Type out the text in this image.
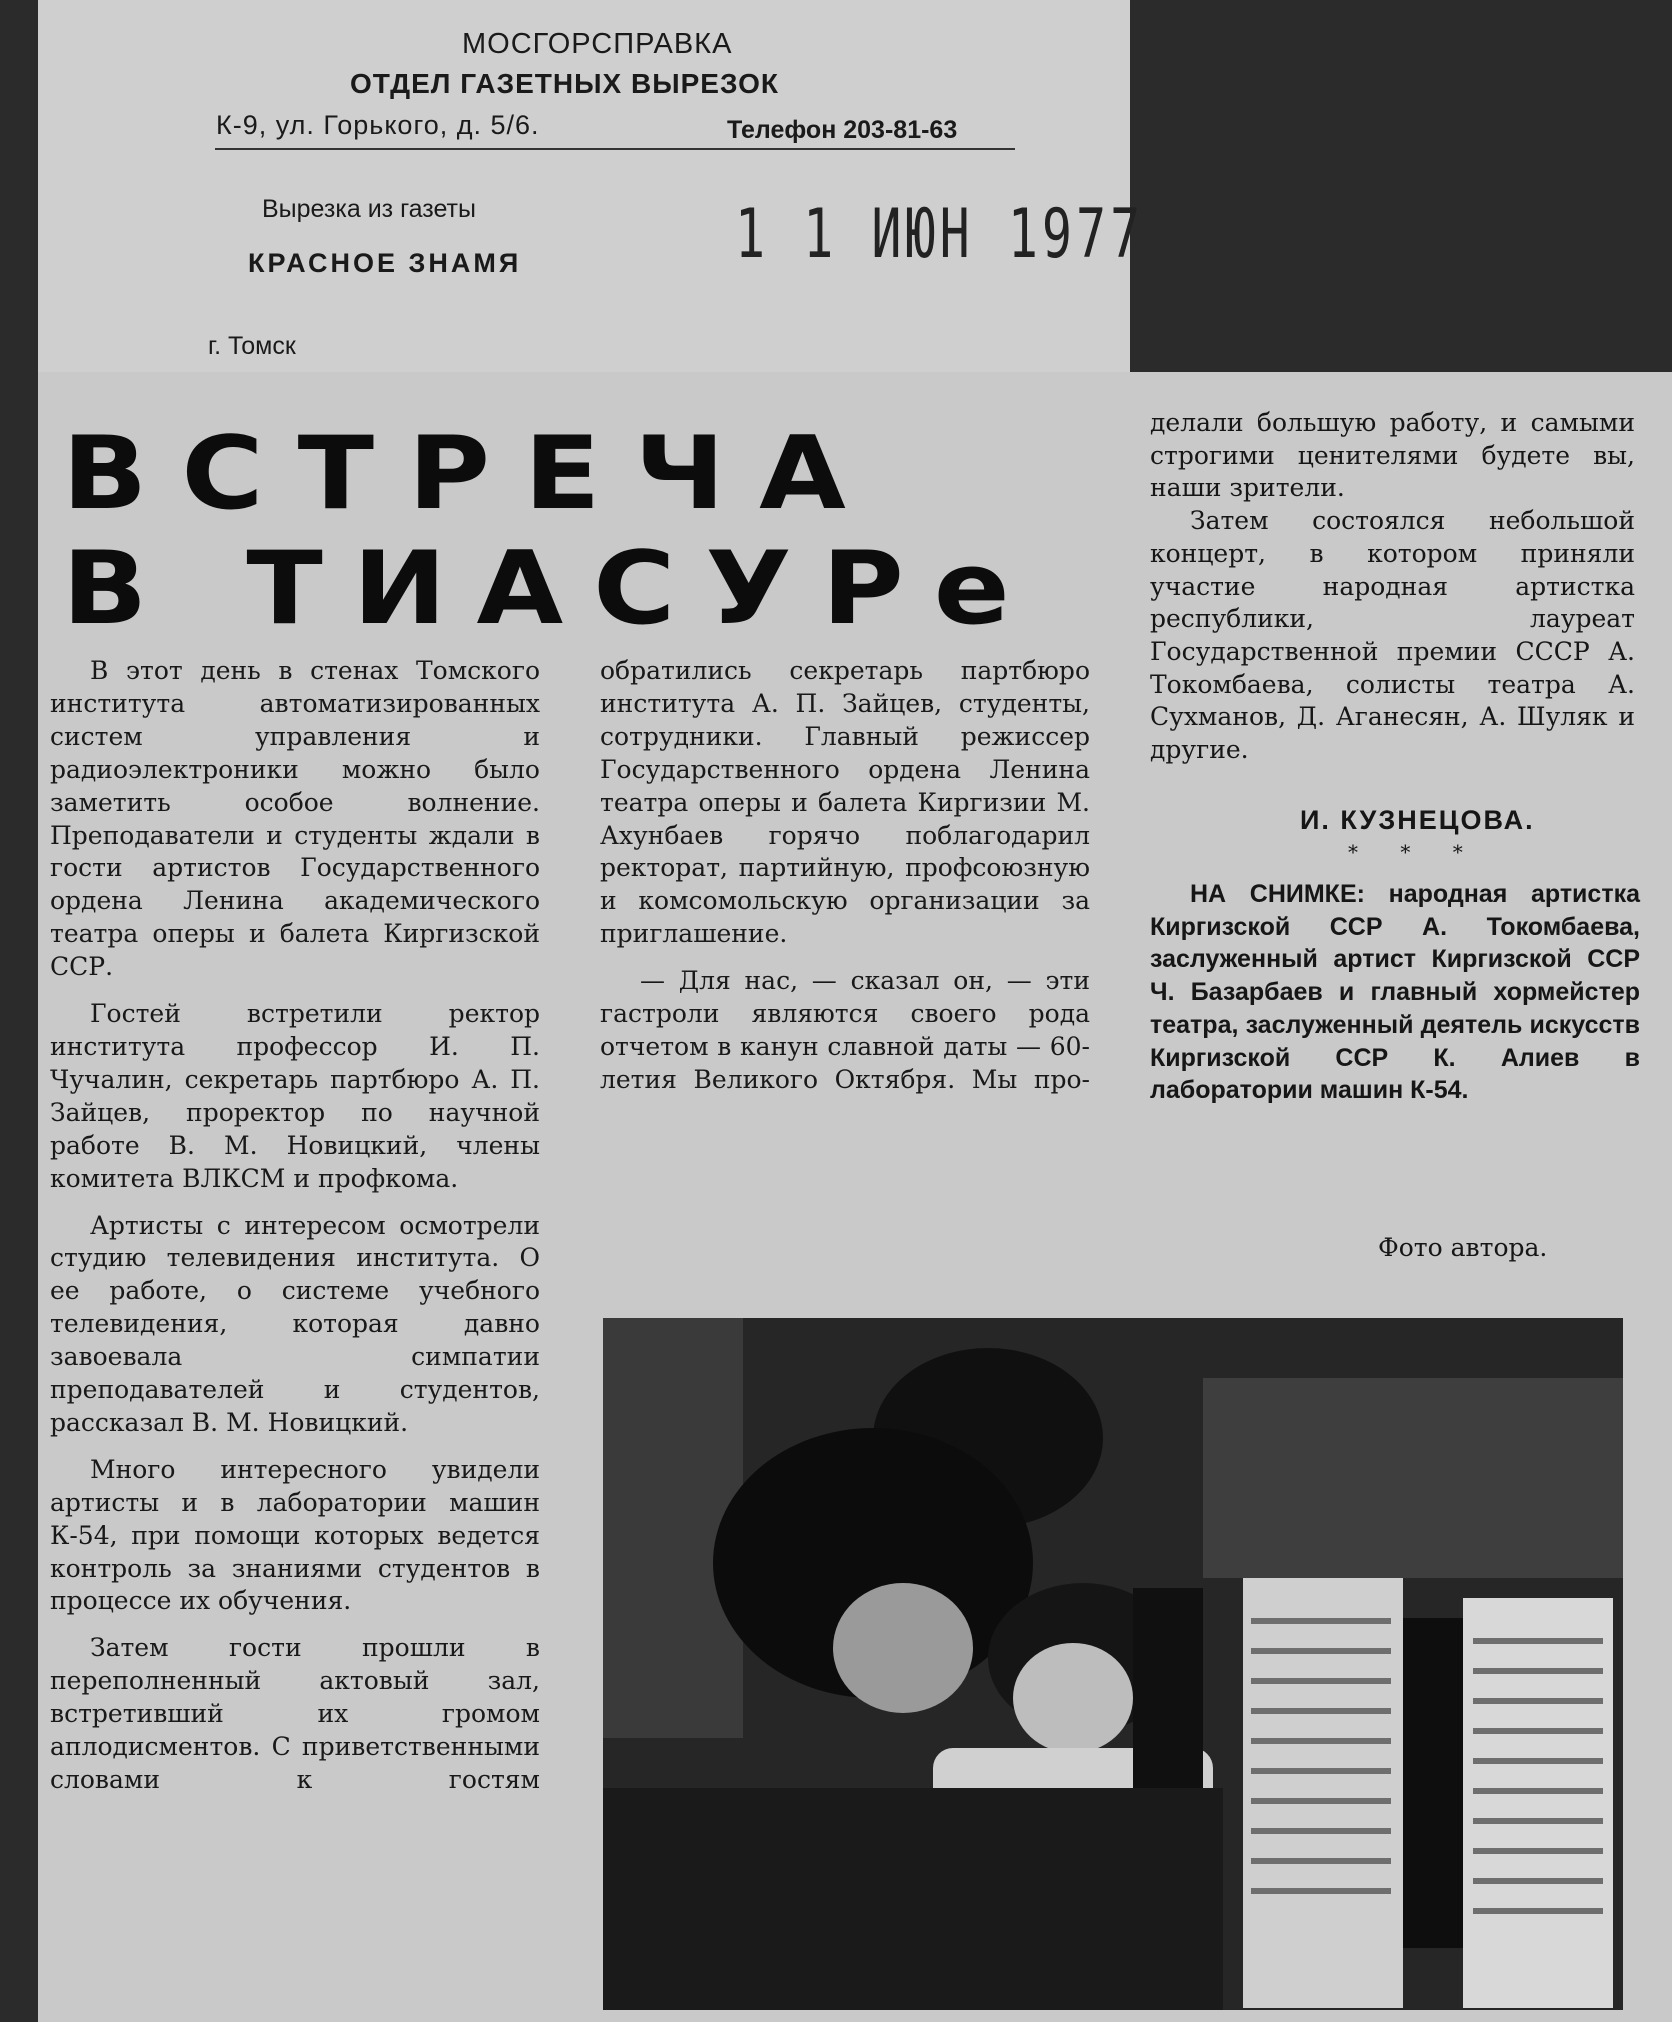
МОСГОРСПРАВКА
ОТДЕЛ ГАЗЕТНЫХ ВЫРЕЗОК
К-9, ул. Горького, д. 5/6.	Телефон 203-81-63
Вырезка из газеты
КРАСНОЕ ЗНАМЯ	1 1 ИЮН 1977
г. Томск
ВСТРЕЧА
В ТИАСУРе

В этот день в стенах Томского института автоматизированных систем управления и радиоэлектроники можно было заметить особое волнение. Преподаватели и студенты ждали в гости артистов Государственного ордена Ленина академического театра оперы и балета Киргизской ССР.

Гостей встретили ректор института профессор И. П. Чучалин, секретарь партбюро А. П. Зайцев, проректор по научной работе В. М. Новицкий, члены комитета ВЛКСМ и профкома.

Артисты с интересом осмотрели студию телевидения института. О ее работе, о системе учебного телевидения, которая давно завоевала симпатии преподавателей и студентов, рассказал В. М. Новицкий.

Много интересного увидели артисты и в лаборатории машин К-54, при помощи которых ведется контроль за знаниями студентов в процессе их обучения.

Затем гости прошли в переполненный актовый зал, встретивший их громом аплодисментов. С приветственными словами к гостям

обратились секретарь партбюро института А. П. Зайцев, студенты, сотрудники. Главный режиссер Государственного ордена Ленина театра оперы и балета Киргизии М. Ахунбаев горячо поблагодарил ректорат, партийную, профсоюзную и комсомольскую организации за приглашение.

— Для нас, — сказал он, — эти гастроли являются своего рода отчетом в канун славной даты — 60-летия Великого Октября. Мы про-

делали большую работу, и самыми строгими ценителями будете вы, наши зрители.

Затем состоялся небольшой концерт, в котором приняли участие народная артистка республики, лауреат Государственной премии СССР А. Токомбаева, солисты театра А. Сухманов, Д. Аганесян, А. Шуляк и другие.

И. КУЗНЕЦОВА.
* * *
НА СНИМКЕ: народная артистка Киргизской ССР А. Токомбаева, заслуженный артист Киргизской ССР Ч. Базарбаев и главный хормейстер театра, заслуженный деятель искусств Киргизской ССР К. Алиев в лаборатории машин К-54.
Фото автора.
